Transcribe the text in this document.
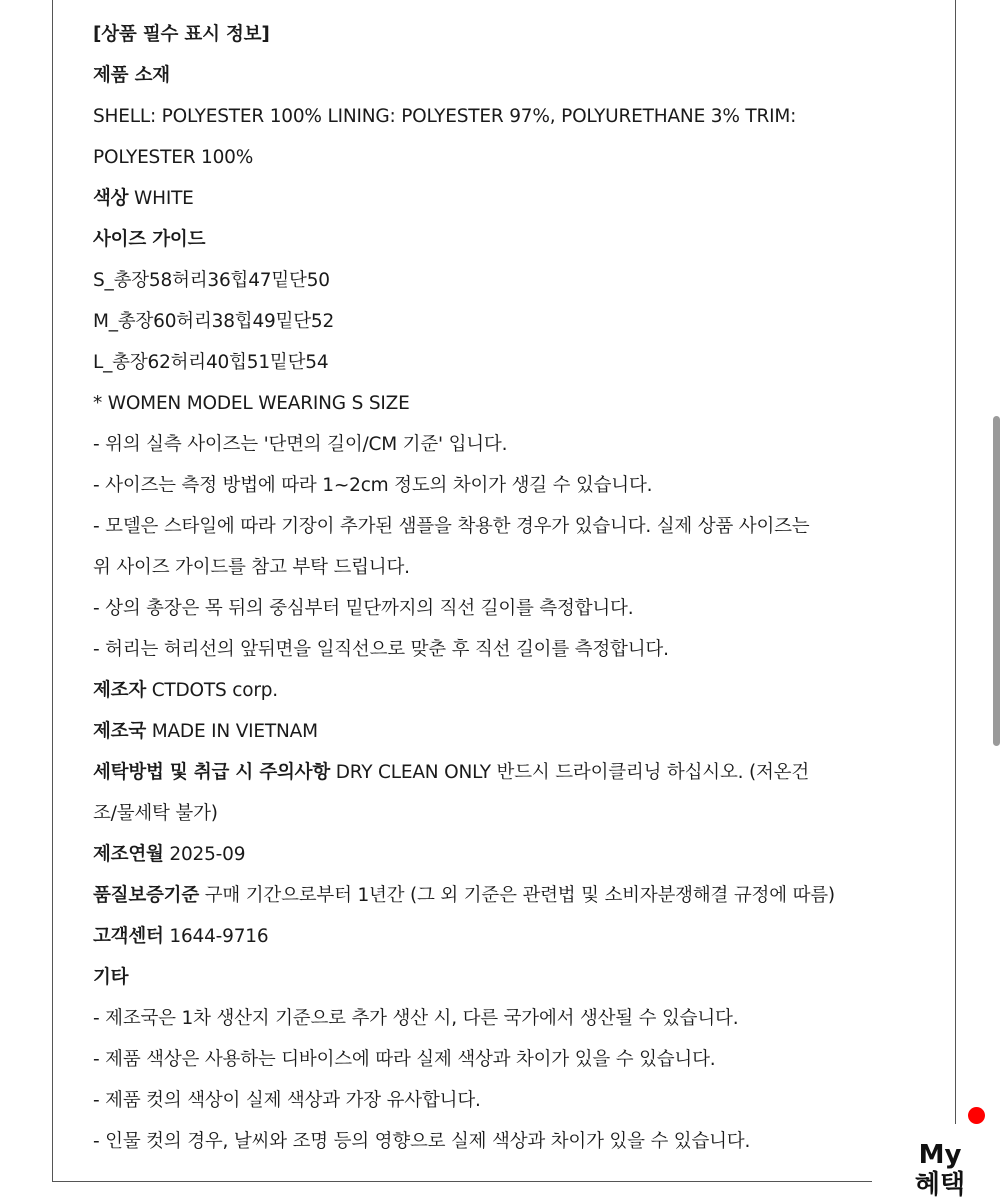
[상품 필수 표시 정보]
제품 소재
SHELL: POLYESTER 100% LINING: POLYESTER 97%, POLYURETHANE 3% TRIM:
POLYESTER 100%
색상 WHITE
사이즈 가이드
S_총장58허리36힙47밑단50
M_총장60허리38힙49밑단52
L_총장62허리40힙51밑단54
* WOMEN MODEL WEARING S SIZE
- 위의 실측 사이즈는 '단면의 길이/CM 기준' 입니다.
- 사이즈는 측정 방법에 따라 1~2cm 정도의 차이가 생길 수 있습니다.
- 모델은 스타일에 따라 기장이 추가된 샘플을 착용한 경우가 있습니다. 실제 상품 사이즈는
위 사이즈 가이드를 참고 부탁 드립니다.
- 상의 총장은 목 뒤의 중심부터 밑단까지의 직선 길이를 측정합니다.
- 허리는 허리선의 앞뒤면을 일직선으로 맞춘 후 직선 길이를 측정합니다.
제조자 CTDOTS corp.
제조국 MADE IN VIETNAM
세탁방법 및 취급 시 주의사항 DRY CLEAN ONLY 반드시 드라이클리닝 하십시오. (저온건
조/물세탁 불가)
제조연월 2025-09
품질보증기준 구매 기간으로부터 1년간 (그 외 기준은 관련법 및 소비자분쟁해결 규정에 따름)
고객센터 1644-9716
기타
- 제조국은 1차 생산지 기준으로 추가 생산 시, 다른 국가에서 생산될 수 있습니다.
- 제품 색상은 사용하는 디바이스에 따라 실제 색상과 차이가 있을 수 있습니다.
- 제품 컷의 색상이 실제 색상과 가장 유사합니다.
- 인물 컷의 경우, 날씨와 조명 등의 영향으로 실제 색상과 차이가 있을 수 있습니다.	My
혜택
